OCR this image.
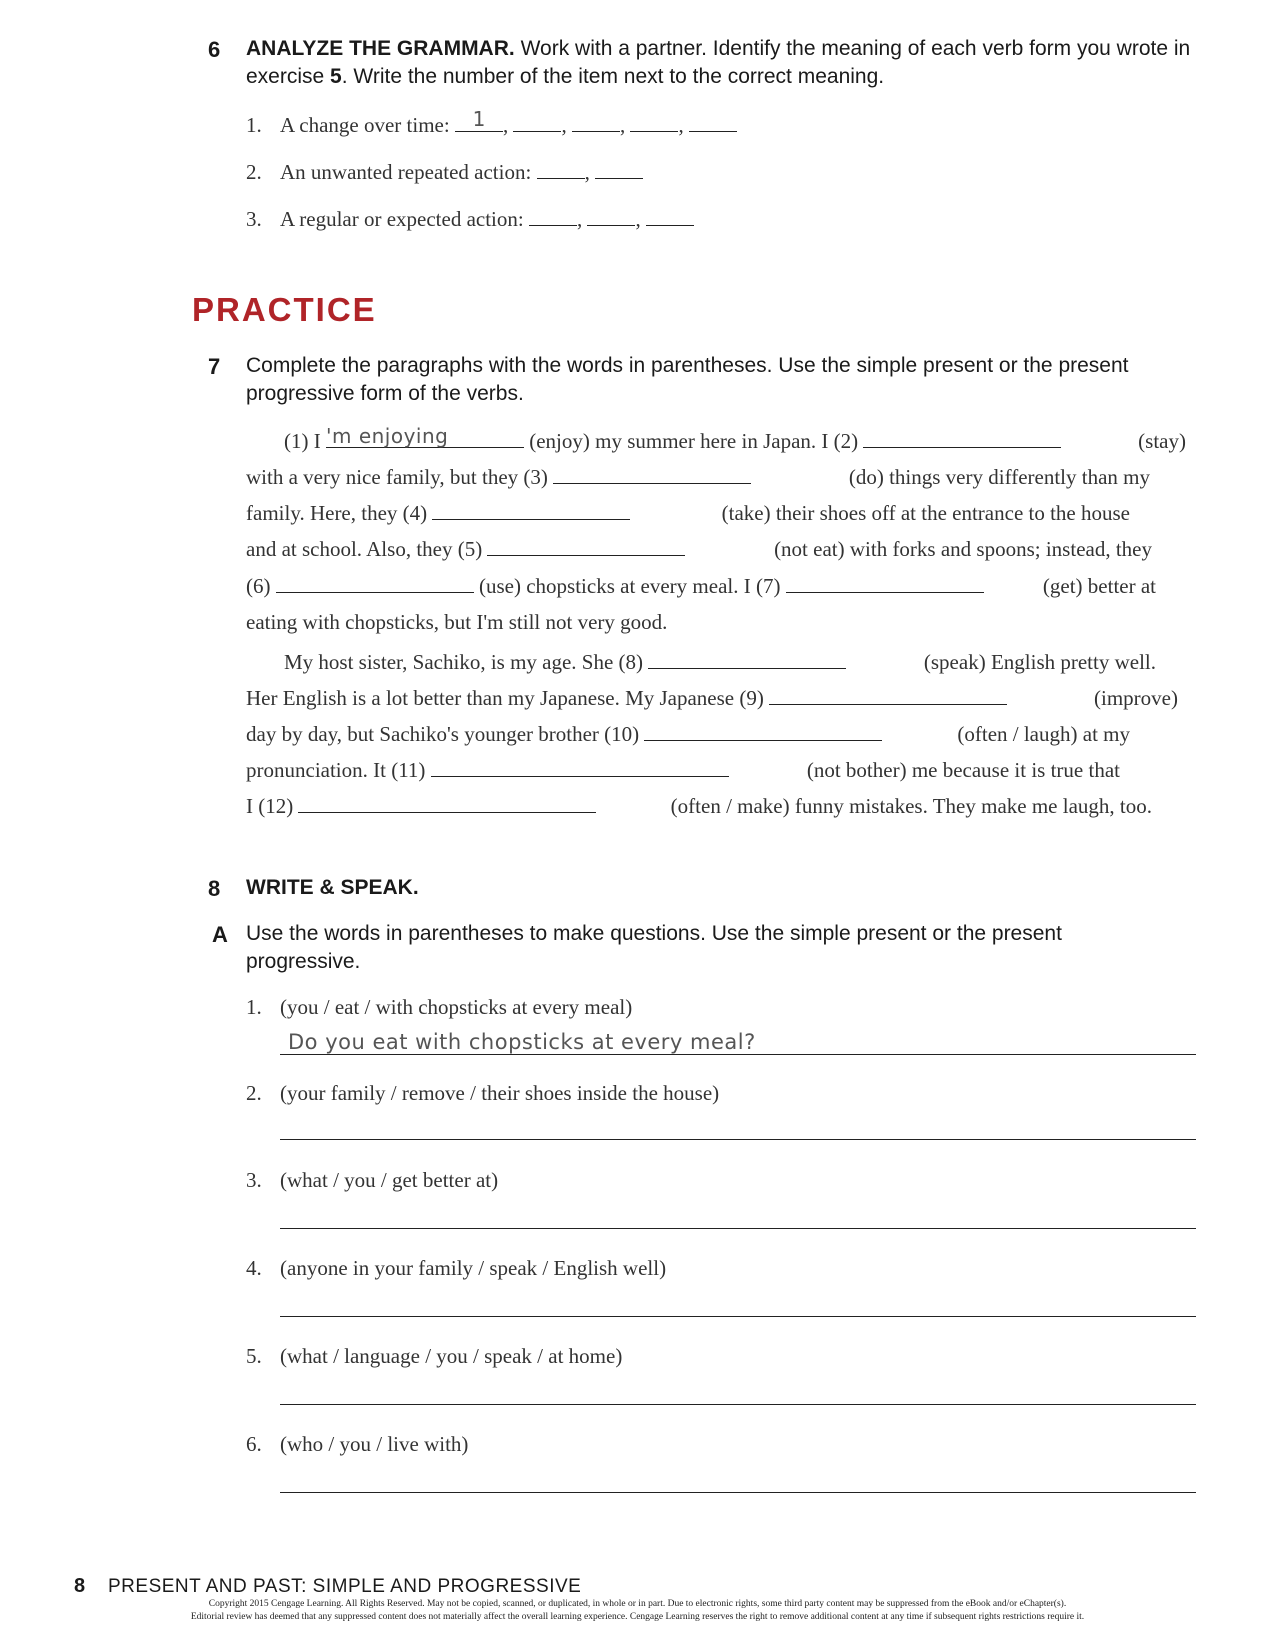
6 ANALYZE THE GRAMMAR. Work with a partner. Identify the meaning of each verb form you wrote in exercise 5. Write the number of the item next to the correct meaning.
1. A change over time:	1 , , , ,
2. An unwanted repeated action:	,
3. A regular or expected action:	, ,
PRACTICE
7 Complete the paragraphs with the words in parentheses. Use the simple present or the present progressive form of the verbs.
(1) I 'm enjoying	(enjoy) my summer here in Japan. I (2)	(stay)
with a very nice family, but they (3)	(do) things very differently than my
family. Here, they (4)	(take) their shoes off at the entrance to the house
and at school. Also, they (5)	(not eat) with forks and spoons; instead, they
(6)	(use) chopsticks at every meal. I (7)	(get) better at
eating with chopsticks, but I'm still not very good.
My host sister, Sachiko, is my age. She (8)	(speak) English pretty well.
Her English is a lot better than my Japanese. My Japanese (9)	(improve)
day by day, but Sachiko's younger brother (10)	(often / laugh) at my
pronunciation. It (11)	(not bother) me because it is true that
I (12)	(often / make) funny mistakes. They make me laugh, too.
8 WRITE & SPEAK.
A Use the words in parentheses to make questions. Use the simple present or the present progressive.
1. (you / eat / with chopsticks at every meal)
Do you eat with chopsticks at every meal?
2. (your family / remove / their shoes inside the house)
3. (what / you / get better at)
4. (anyone in your family / speak / English well)
5. (what / language / you / speak / at home)
6. (who / you / live with)
8 PRESENT AND PAST: SIMPLE AND PROGRESSIVE
Copyright 2015 Cengage Learning. All Rights Reserved. May not be copied, scanned, or duplicated, in whole or in part. Due to electronic rights, some third party content may be suppressed from the eBook and/or eChapter(s).
Editorial review has deemed that any suppressed content does not materially affect the overall learning experience. Cengage Learning reserves the right to remove additional content at any time if subsequent rights restrictions require it.
